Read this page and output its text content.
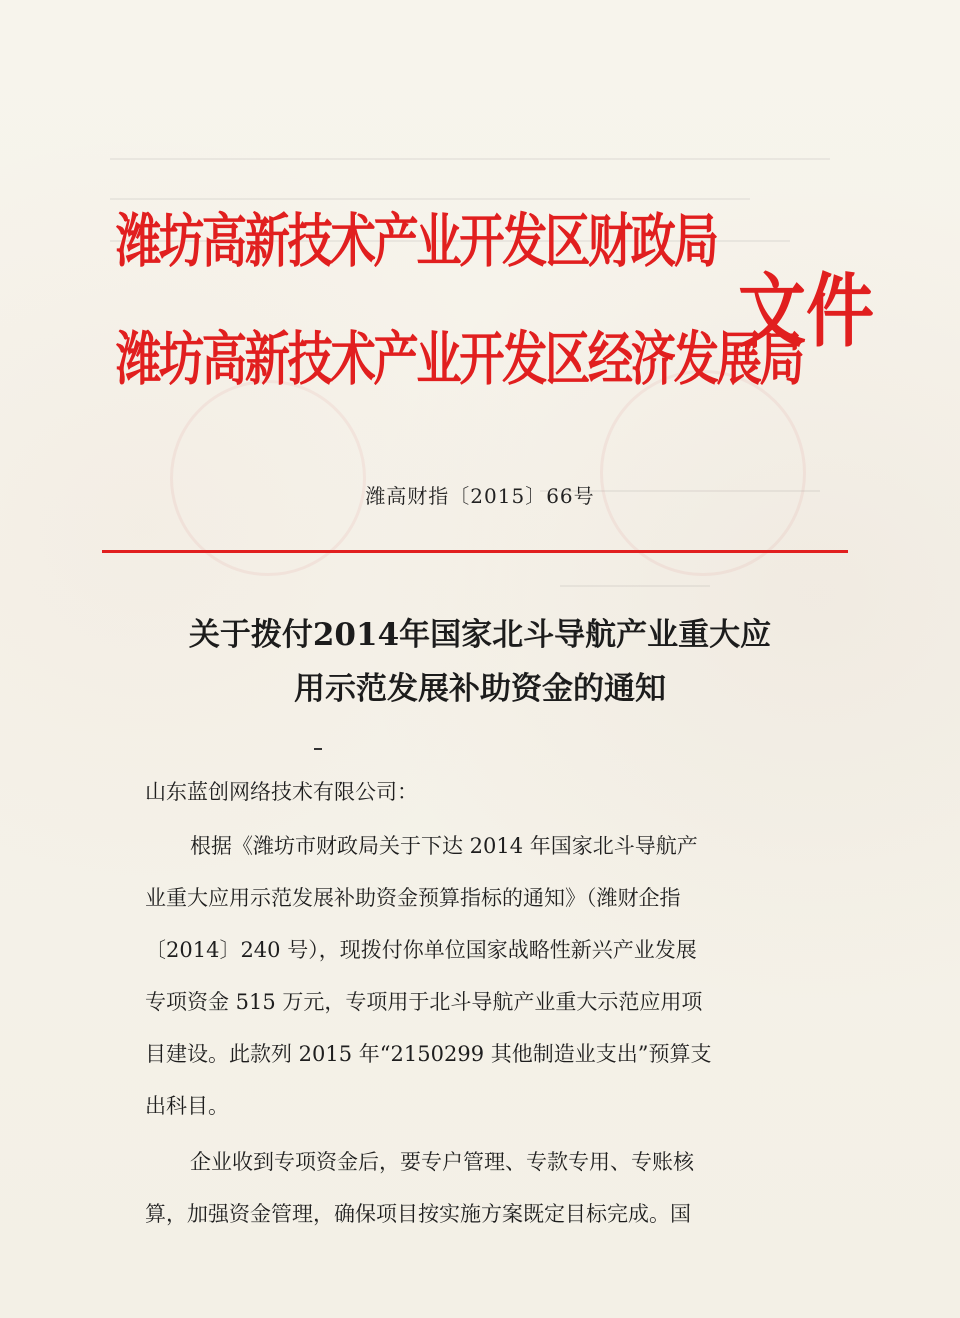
潍坊高新技术产业开发区财政局
潍坊高新技术产业开发区经济发展局
文件
潍高财指〔2015〕66号
关于拨付2014年国家北斗导航产业重大应
用示范发展补助资金的通知
山东蓝创网络技术有限公司：
根据《潍坊市财政局关于下达 2014 年国家北斗导航产
业重大应用示范发展补助资金预算指标的通知》（潍财企指
〔2014〕240 号），现拨付你单位国家战略性新兴产业发展
专项资金 515 万元，专项用于北斗导航产业重大示范应用项
目建设。此款列 2015 年“2150299 其他制造业支出”预算支
出科目。
企业收到专项资金后，要专户管理、专款专用、专账核
算，加强资金管理，确保项目按实施方案既定目标完成。国
